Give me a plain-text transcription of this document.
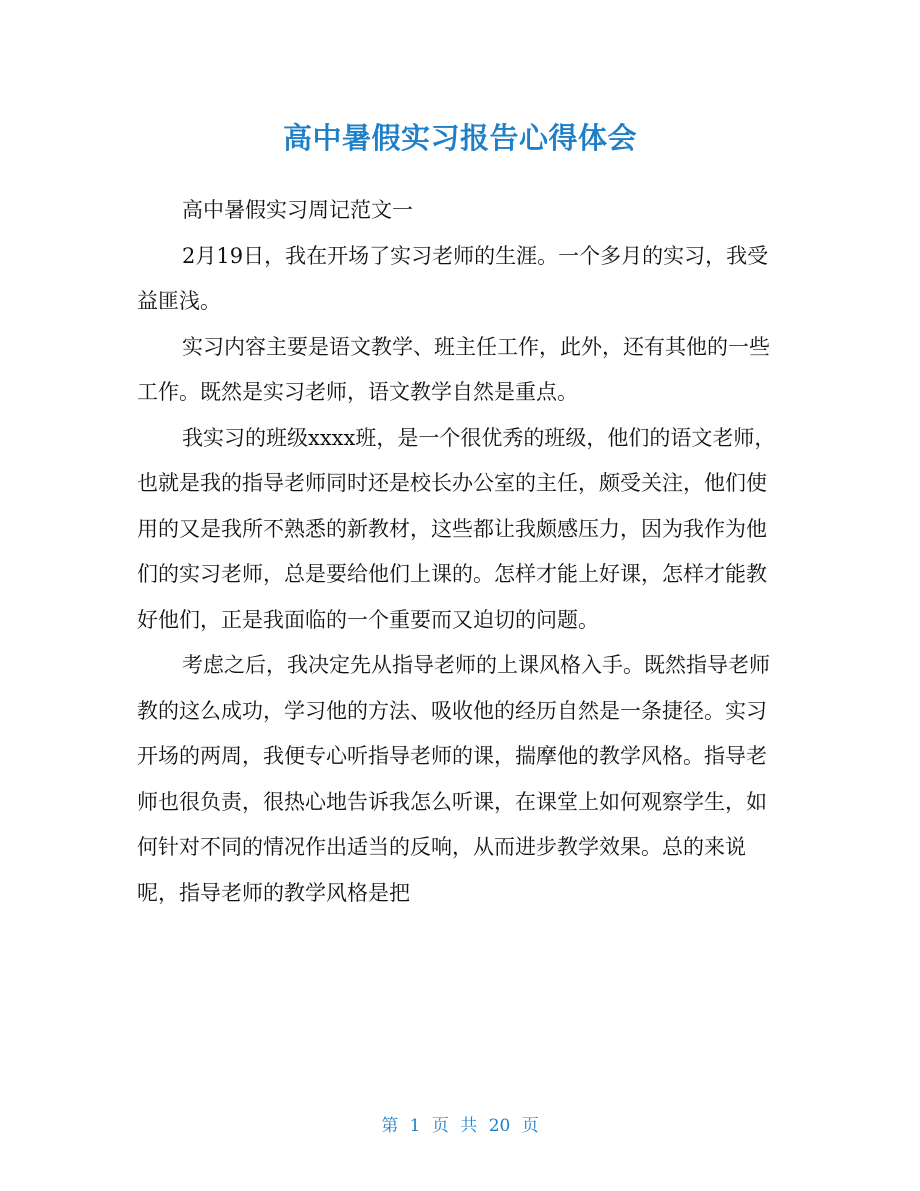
高中暑假实习报告心得体会

高中暑假实习周记范文一

2月19日，我在开场了实习老师的生涯。一个多月的实习，我受益匪浅。

实习内容主要是语文教学、班主任工作，此外，还有其他的一些工作。既然是实习老师，语文教学自然是重点。

我实习的班级xxxx班，是一个很优秀的班级，他们的语文老师，也就是我的指导老师同时还是校长办公室的主任，颇受关注，他们使用的又是我所不熟悉的新教材，这些都让我颇感压力，因为我作为他们的实习老师，总是要给他们上课的。怎样才能上好课，怎样才能教好他们，正是我面临的一个重要而又迫切的问题。

考虑之后，我决定先从指导老师的上课风格入手。既然指导老师教的这么成功，学习他的方法、吸收他的经历自然是一条捷径。实习开场的两周，我便专心听指导老师的课，揣摩他的教学风格。指导老师也很负责，很热心地告诉我怎么听课，在课堂上如何观察学生，如何针对不同的情况作出适当的反响，从而进步教学效果。总的来说呢，指导老师的教学风格是把

第 1 页 共 20 页
